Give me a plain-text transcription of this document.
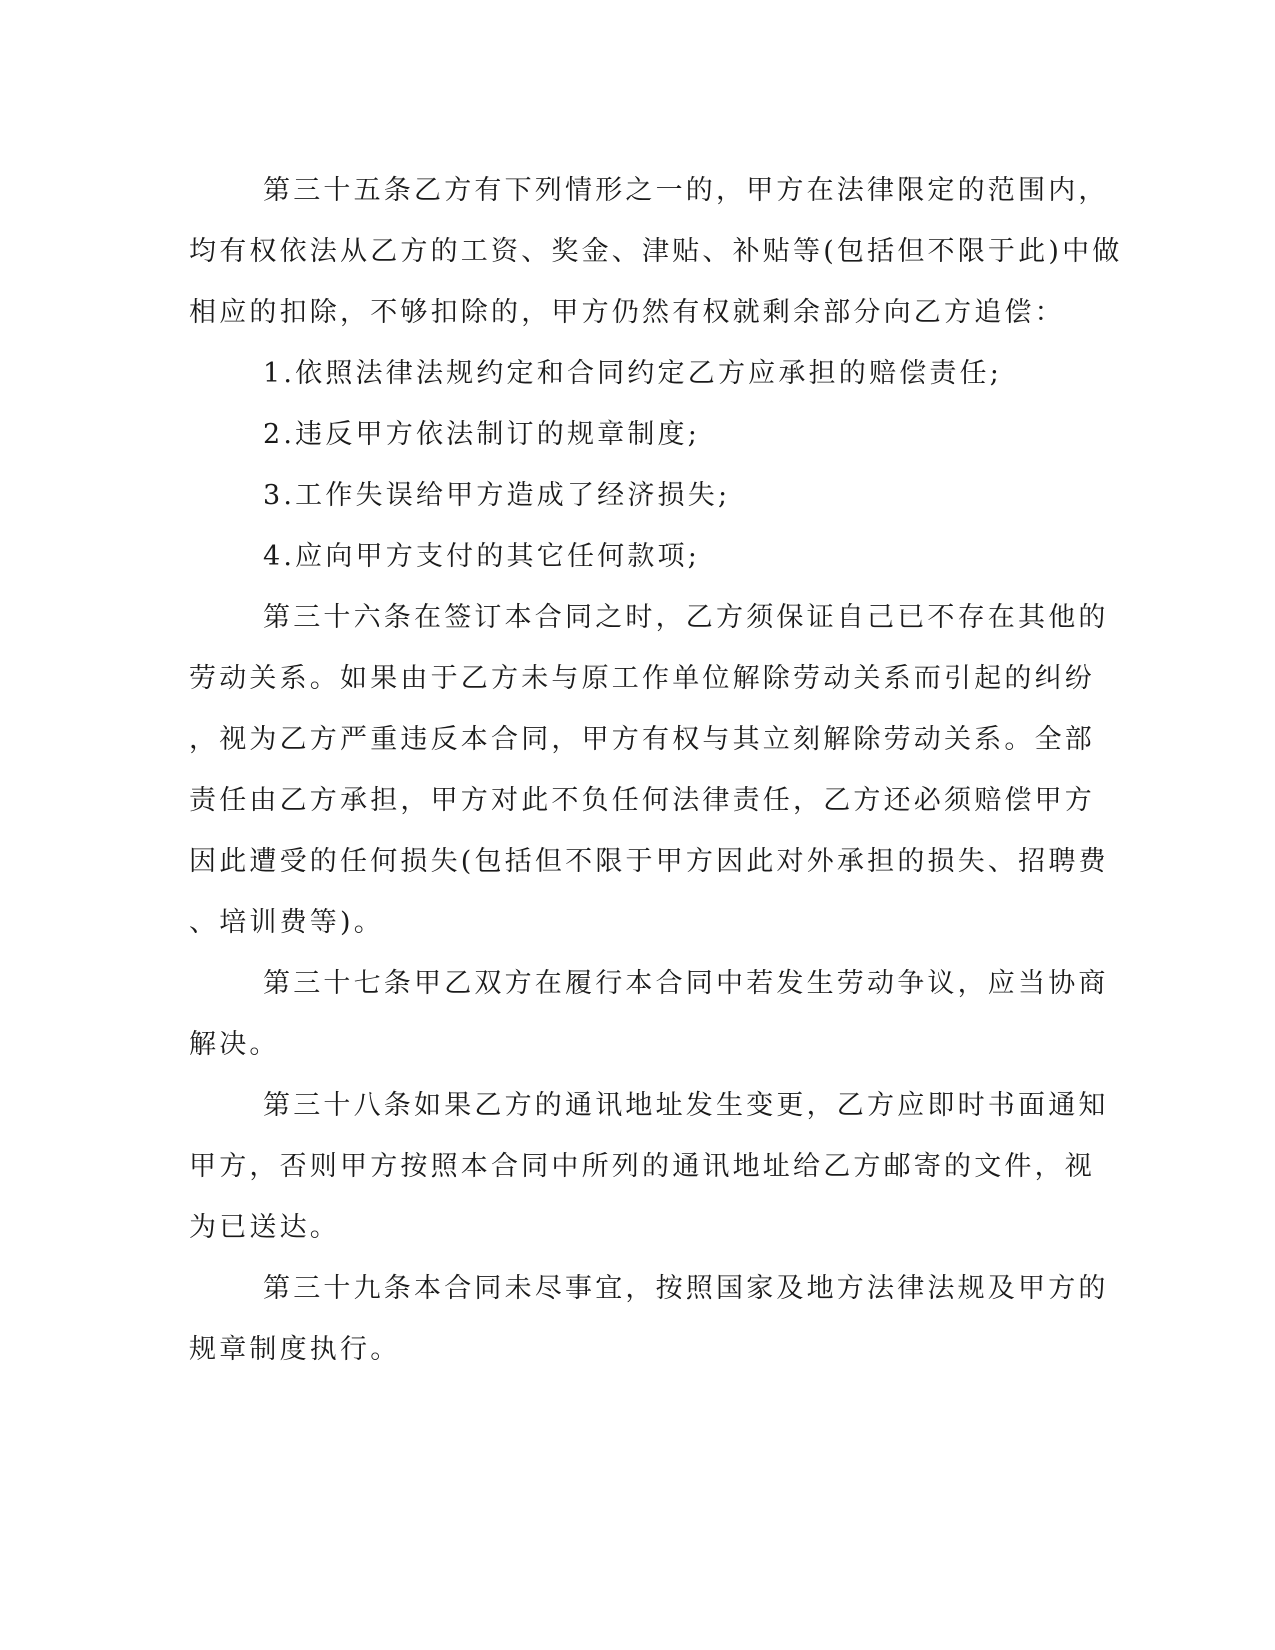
第三十五条乙方有下列情形之一的，甲方在法律限定的范围内，
均有权依法从乙方的工资、奖金、津贴、补贴等(包括但不限于此)中做
相应的扣除，不够扣除的，甲方仍然有权就剩余部分向乙方追偿：
1.依照法律法规约定和合同约定乙方应承担的赔偿责任;
2.违反甲方依法制订的规章制度;
3.工作失误给甲方造成了经济损失;
4.应向甲方支付的其它任何款项;
第三十六条在签订本合同之时，乙方须保证自己已不存在其他的
劳动关系。如果由于乙方未与原工作单位解除劳动关系而引起的纠纷
，视为乙方严重违反本合同，甲方有权与其立刻解除劳动关系。全部
责任由乙方承担，甲方对此不负任何法律责任，乙方还必须赔偿甲方
因此遭受的任何损失(包括但不限于甲方因此对外承担的损失、招聘费
、培训费等)。
第三十七条甲乙双方在履行本合同中若发生劳动争议，应当协商
解决。
第三十八条如果乙方的通讯地址发生变更，乙方应即时书面通知
甲方，否则甲方按照本合同中所列的通讯地址给乙方邮寄的文件，视
为已送达。
第三十九条本合同未尽事宜，按照国家及地方法律法规及甲方的
规章制度执行。
